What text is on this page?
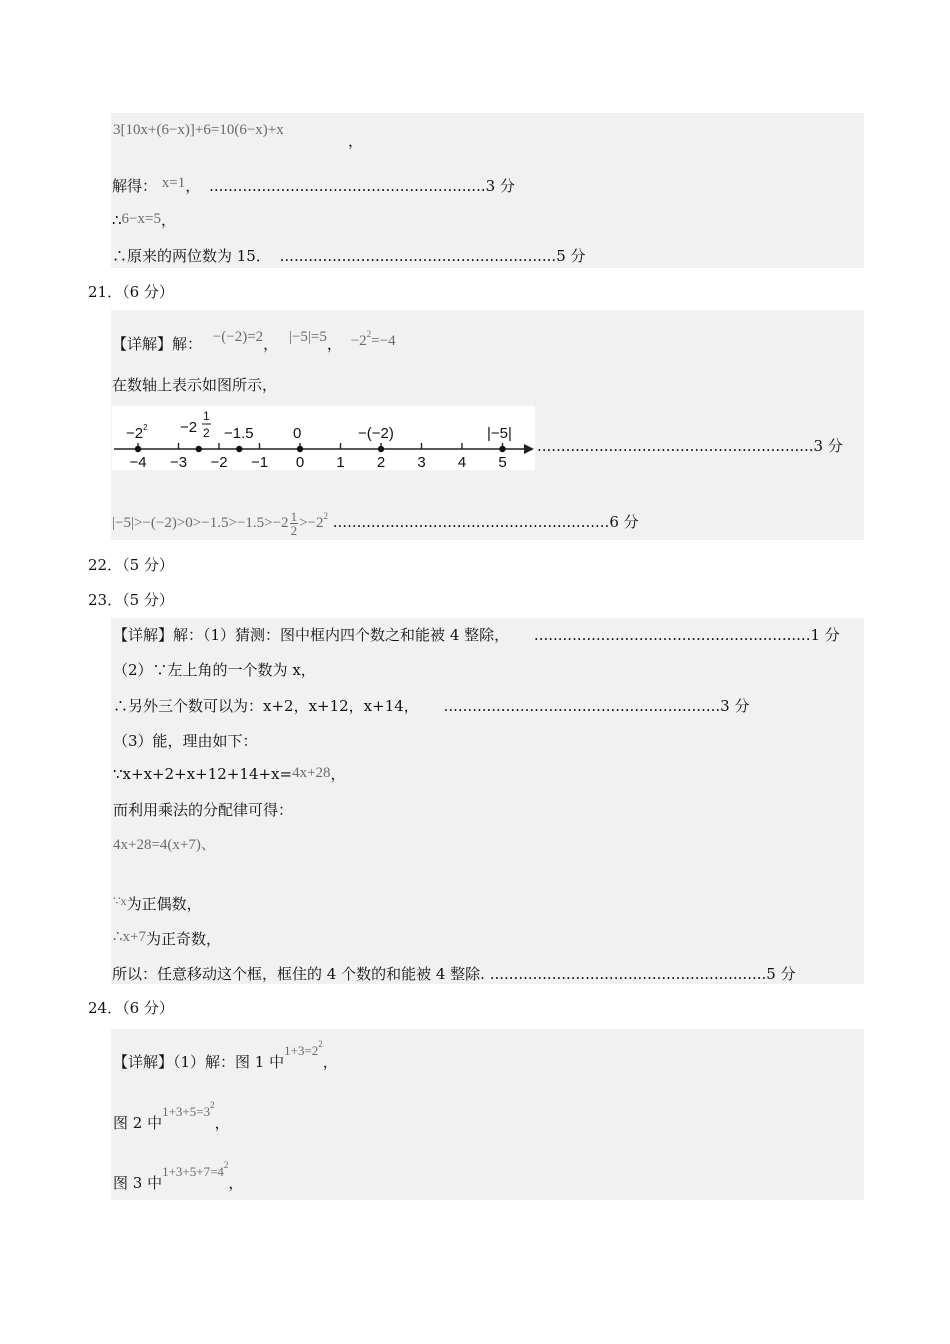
3[10x+(6−x)]+6=10(6−x)+x
，
解得： x=1， ..........................................................3 分
∴6−x=5，
∴原来的两位数为 15． ..........................................................5 分
21．（6 分）
【详解】解： −(−2)=2， |−5|=5， $-2^2=-4$
在数轴上表示如图所示，
−4 −3 −2 −1 0 1 2 3 4 5
$-2^2 -2$
1
2 −1.5	0	−(−2)	|−5|
..........................................................3 分
$|-5|>-(-2)>0>-1.5>-1.5>-2 \frac{1}{2} >-2^2$ ..........................................................6 分
22．（5 分）
23．（5 分）
【详解】解：（1）猜测：图中框内四个数之和能被 4 整除， ..........................................................1 分
（2）∵左上角的一个数为 x，
∴另外三个数可以为：x+2，x+12，x+14， ..........................................................3 分
（3）能，理由如下：
∵x+x+2+x+12+14+x=4x+28，
而利用乘法的分配律可得：
4x+28=4(x+7)、
$^{\because x}$为正偶数，
∴x+7为正奇数，
所以：任意移动这个框，框住的 4 个数的和能被 4 整除. ..........................................................5 分
24．（6 分）
【详解】（1）解：图 1 中$1+3=2^2$，
图 2 中$1+3+5=3^2$，
图 3 中$1+3+5+7=4^2$，
